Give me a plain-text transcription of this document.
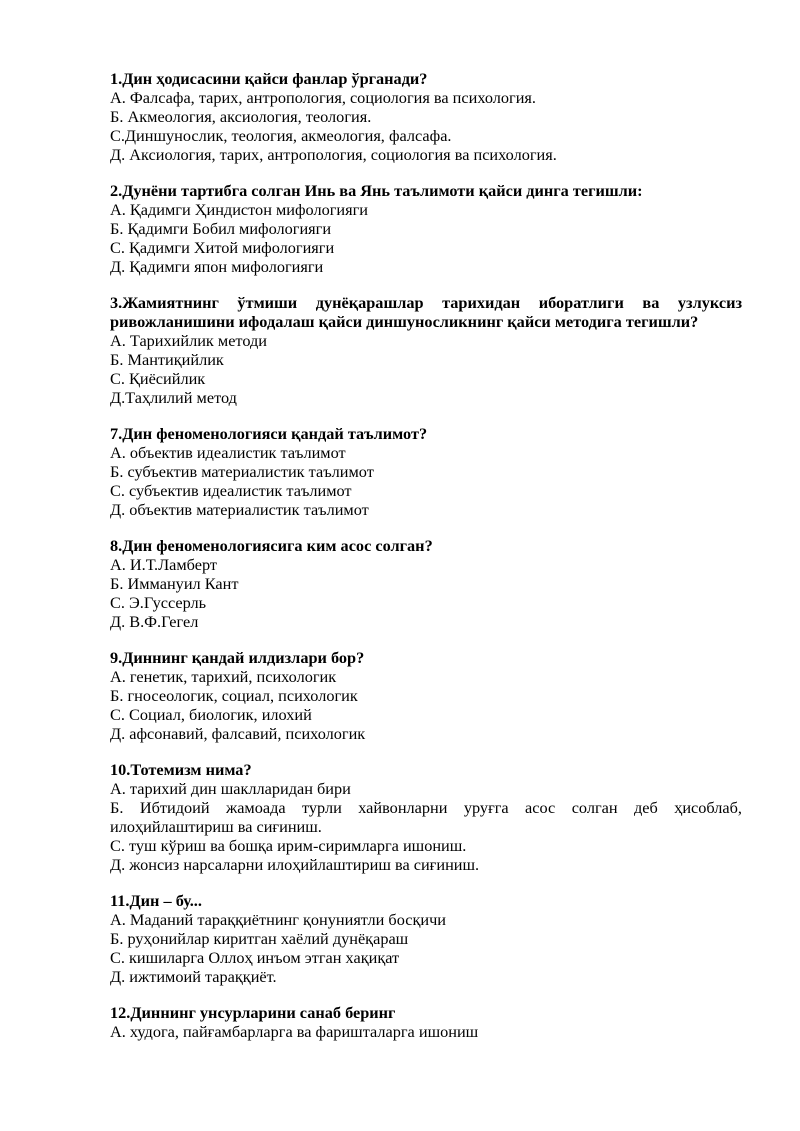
1.Дин ҳодисасини қайси фанлар ўрганади?
А. Фалсафа, тарих, антропология, социология ва психология.
Б. Акмеология, аксиология, теология.
С.Диншунослик, теология, акмеология, фалсафа.
Д. Аксиология, тарих, антропология, социология ва психология.
2.Дунёни тартибга солган Инь ва Янь таълимоти қайси динга тегишли:
А. Қадимги Ҳиндистон мифологияги
Б. Қадимги Бобил мифологияги
С. Қадимги Хитой мифологияги
Д. Қадимги япон мифологияги
3.Жамиятнинг ўтмиши дунёқарашлар тарихидан иборатлиги ва узлуксиз
ривожланишини ифодалаш қайси диншуносликнинг қайси методига тегишли?
А. Тарихийлик методи
Б. Мантиқийлик
С. Қиёсийлик
Д.Таҳлилий метод
7.Дин феноменологияси қандай таълимот?
А. объектив идеалистик таълимот
Б. субъектив материалистик таълимот
С. субъектив идеалистик таълимот
Д. объектив материалистик таълимот
8.Дин феноменологиясига ким асос солган?
А. И.Т.Ламберт
Б. Иммануил Кант
С. Э.Гуссерль
Д. В.Ф.Гегел
9.Диннинг қандай илдизлари бор?
А. генетик, тарихий, психологик
Б. гносеологик, социал, психологик
С. Социал, биологик, илохий
Д. афсонавий, фалсавий, психологик
10.Тотемизм нима?
А. тарихий дин шаклларидан бири
Б. Ибтидоий жамоада турли хайвонларни уруғга асос солган деб ҳисоблаб,
илоҳийлаштириш ва сиғиниш.
С. туш кўриш ва бошқа ирим-сиримларга ишониш.
Д. жонсиз нарсаларни илоҳийлаштириш ва сиғиниш.
11.Дин – бу...
А. Маданий тараққиётнинг қонуниятли босқичи
Б. руҳонийлар киритган хаёлий дунёқараш
С. кишиларга Оллоҳ инъом этган хақиқат
Д. ижтимоий тараққиёт.
12.Диннинг унсурларини санаб беринг
А. худога, пайғамбарларга ва фаришталарга ишониш
